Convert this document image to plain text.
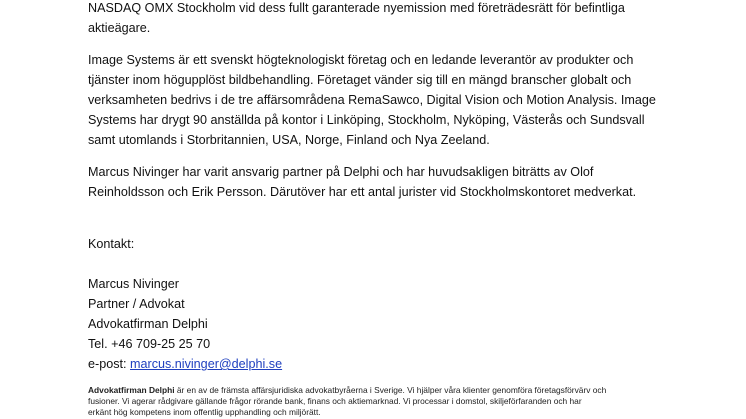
NASDAQ OMX Stockholm vid dess fullt garanterade nyemission med företrädesrätt för befintliga
aktieägare.

Image Systems är ett svenskt högteknologiskt företag och en ledande leverantör av produkter och
tjänster inom högupplöst bildbehandling. Företaget vänder sig till en mängd branscher globalt och
verksamheten bedrivs i de tre affärsområdena RemaSawco, Digital Vision och Motion Analysis. Image
Systems har drygt 90 anställda på kontor i Linköping, Stockholm, Nyköping, Västerås och Sundsvall
samt utomlands i Storbritannien, USA, Norge, Finland och Nya Zeeland.

Marcus Nivinger har varit ansvarig partner på Delphi och har huvudsakligen biträtts av Olof
Reinholdsson och Erik Persson. Därutöver har ett antal jurister vid Stockholmskontoret medverkat.

Kontakt:

Marcus Nivinger
Partner / Advokat
Advokatfirman Delphi
Tel. +46 709-25 25 70
e-post: marcus.nivinger@delphi.se
Advokatfirman Delphi är en av de främsta affärsjuridiska advokatbyråerna i Sverige. Vi hjälper våra klienter genomföra företagsförvärv och
fusioner. Vi agerar rådgivare gällande frågor rörande bank, finans och aktiemarknad. Vi processar i domstol, skiljeförfaranden och har
erkänt hög kompetens inom offentlig upphandling och miljörätt.
